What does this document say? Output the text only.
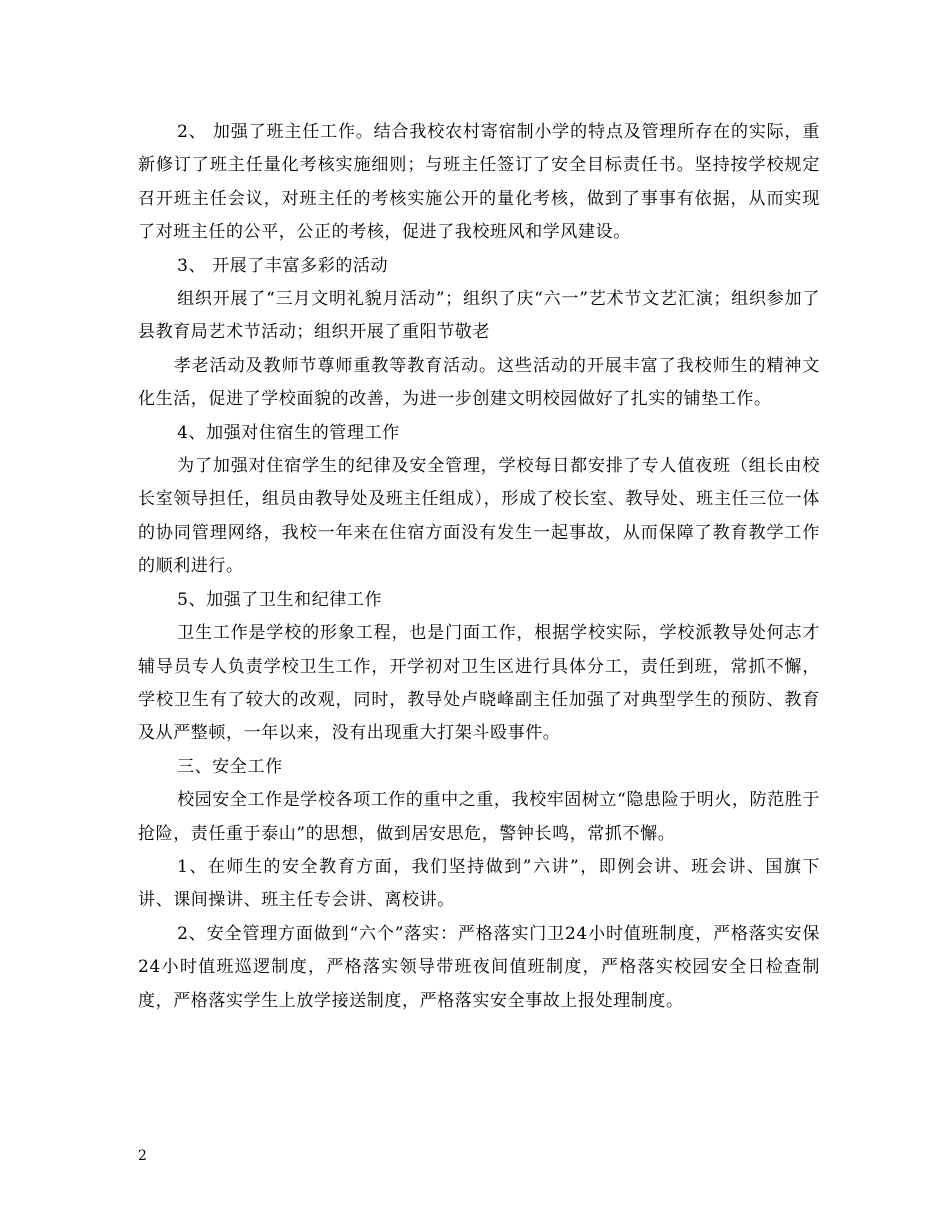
2、 加强了班主任工作。结合我校农村寄宿制小学的特点及管理所存在的实际，重新修订了班主任量化考核实施细则；与班主任签订了安全目标责任书。坚持按学校规定召开班主任会议，对班主任的考核实施公开的量化考核，做到了事事有依据，从而实现了对班主任的公平，公正的考核，促进了我校班风和学风建设。

3、 开展了丰富多彩的活动

组织开展了“三月文明礼貌月活动”；组织了庆“六一”艺术节文艺汇演；组织参加了县教育局艺术节活动；组织开展了重阳节敬老

孝老活动及教师节尊师重教等教育活动。这些活动的开展丰富了我校师生的精神文化生活，促进了学校面貌的改善，为进一步创建文明校园做好了扎实的铺垫工作。

4、加强对住宿生的管理工作

为了加强对住宿学生的纪律及安全管理，学校每日都安排了专人值夜班（组长由校长室领导担任，组员由教导处及班主任组成），形成了校长室、教导处、班主任三位一体的协同管理网络，我校一年来在住宿方面没有发生一起事故，从而保障了教育教学工作的顺利进行。

5、加强了卫生和纪律工作

卫生工作是学校的形象工程，也是门面工作，根据学校实际，学校派教导处何志才辅导员专人负责学校卫生工作，开学初对卫生区进行具体分工，责任到班，常抓不懈，学校卫生有了较大的改观，同时，教导处卢晓峰副主任加强了对典型学生的预防、教育及从严整顿，一年以来，没有出现重大打架斗殴事件。

三、安全工作

校园安全工作是学校各项工作的重中之重，我校牢固树立“隐患险于明火，防范胜于抢险，责任重于泰山”的思想，做到居安思危，警钟长鸣，常抓不懈。

1、在师生的安全教育方面，我们坚持做到”六讲”，即例会讲、班会讲、国旗下讲、课间操讲、班主任专会讲、离校讲。

2、安全管理方面做到“六个”落实：严格落实门卫24小时值班制度，严格落实安保24小时值班巡逻制度，严格落实领导带班夜间值班制度，严格落实校园安全日检查制度，严格落实学生上放学接送制度，严格落实安全事故上报处理制度。

2
